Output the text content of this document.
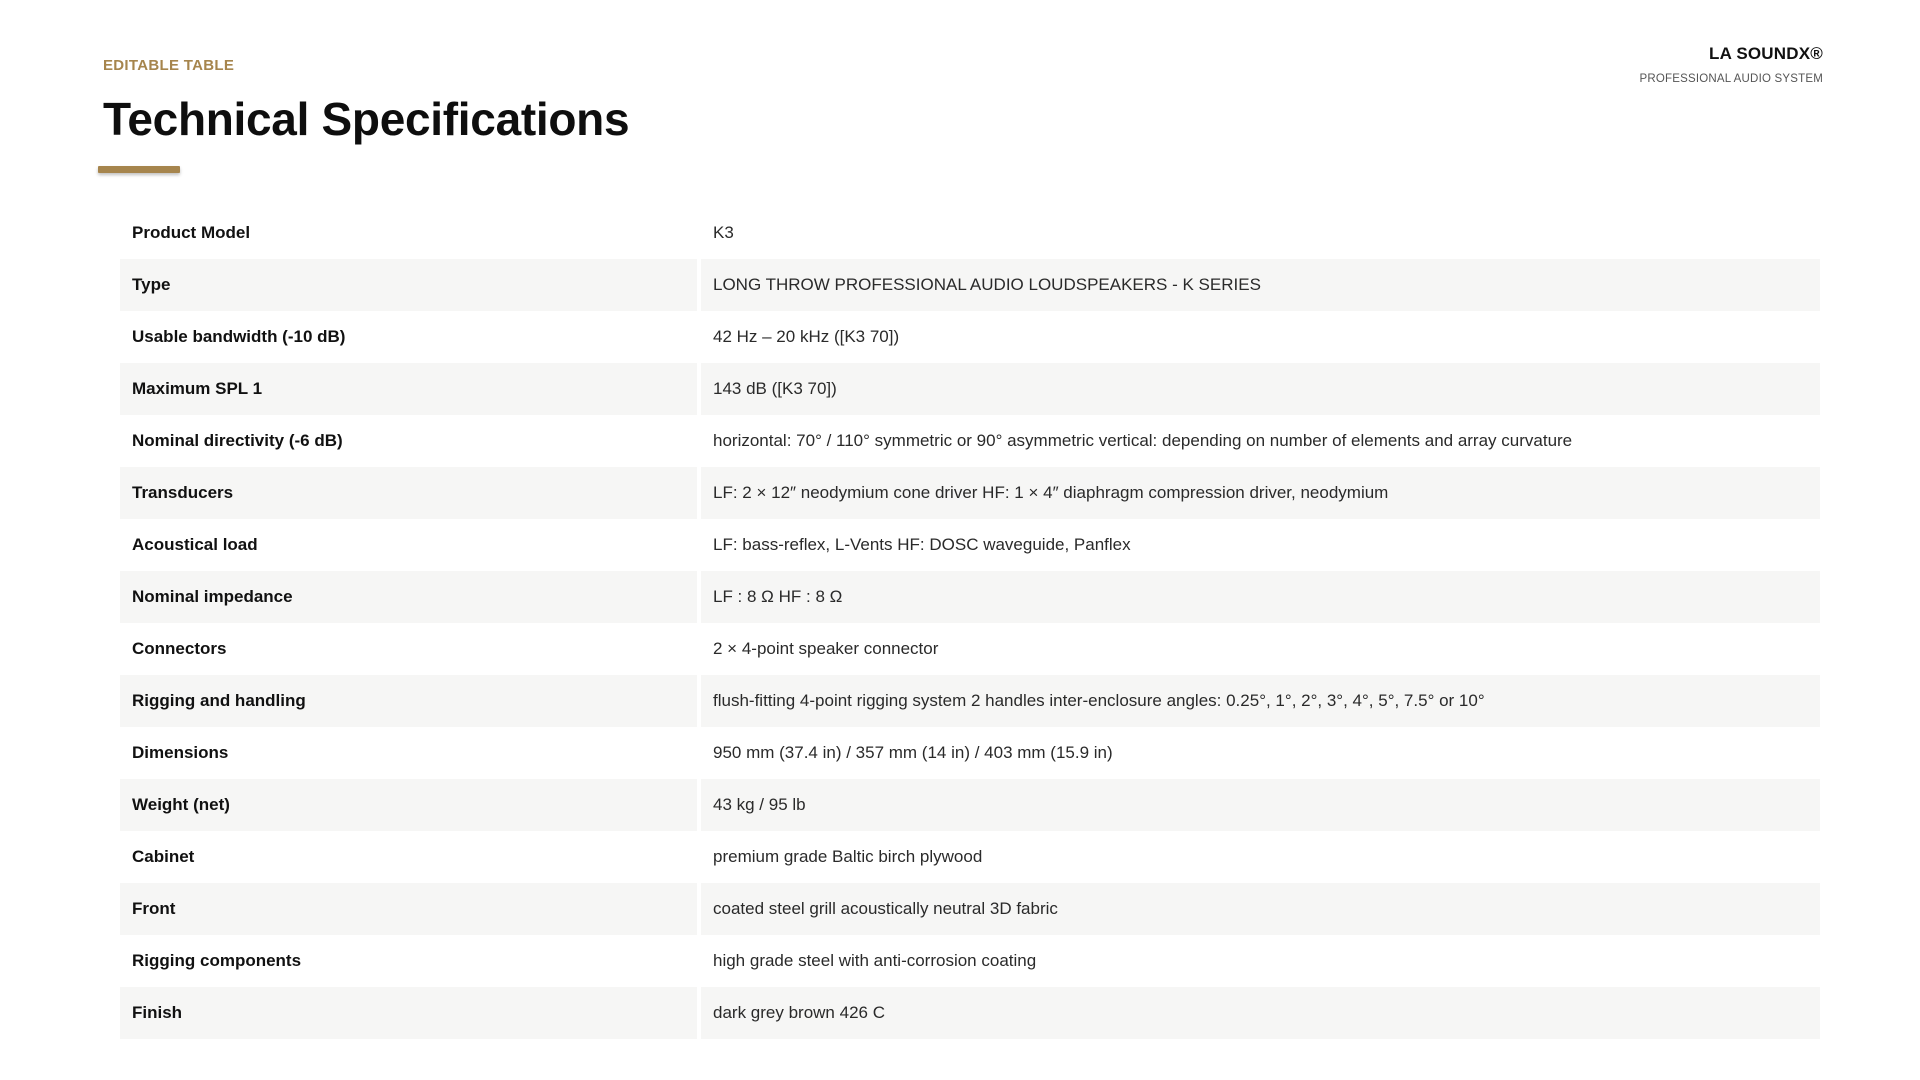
EDITABLE TABLE
Technical Specifications
LA SOUNDX®
PROFESSIONAL AUDIO SYSTEM
Product Model		K3
Type		LONG THROW PROFESSIONAL AUDIO LOUDSPEAKERS - K SERIES
Usable bandwidth (-10 dB)		42 Hz – 20 kHz ([K3 70])
Maximum SPL 1		143 dB ([K3 70])
Nominal directivity (-6 dB)		horizontal: 70° / 110° symmetric or 90° asymmetric vertical: depending on number of elements and array curvature
Transducers		LF: 2 × 12″ neodymium cone driver HF: 1 × 4″ diaphragm compression driver, neodymium
Acoustical load		LF: bass-reflex, L-Vents HF: DOSC waveguide, Panflex
Nominal impedance		LF : 8 Ω HF : 8 Ω
Connectors		2 × 4-point speaker connector
Rigging and handling		flush-fitting 4-point rigging system 2 handles inter-enclosure angles: 0.25°, 1°, 2°, 3°, 4°, 5°, 7.5° or 10°
Dimensions		950 mm (37.4 in) / 357 mm (14 in) / 403 mm (15.9 in)
Weight (net)		43 kg / 95 lb
Cabinet		premium grade Baltic birch plywood
Front		coated steel grill acoustically neutral 3D fabric
Rigging components		high grade steel with anti-corrosion coating
Finish		dark grey brown 426 C
